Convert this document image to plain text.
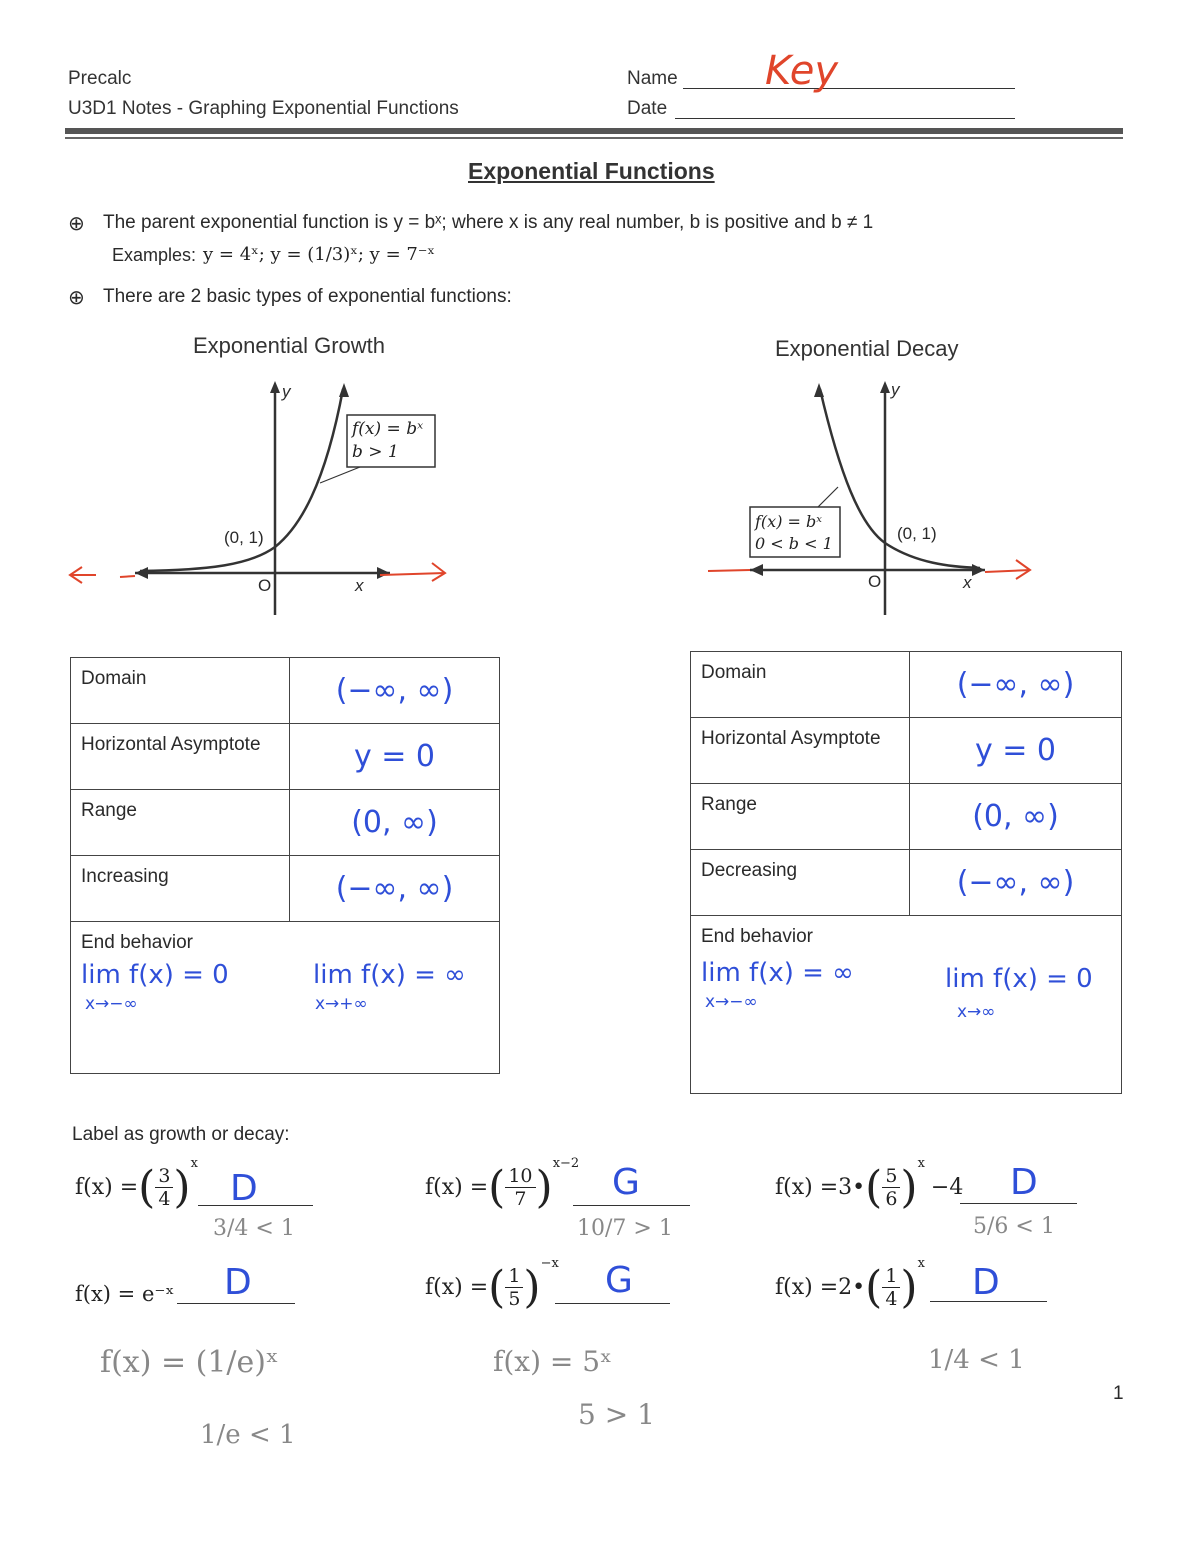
Precalc
U3D1 Notes - Graphing Exponential Functions
Name Key
Date
Exponential Functions
⊕ The parent exponential function is y = bˣ; where x is any real number, b is positive and b ≠ 1
Examples: y = 4ˣ; y = (1/3)ˣ; y = 7⁻ˣ
⊕ There are 2 basic types of exponential functions:
Exponential Growth	Exponential Decay
y
x
O
(0, 1)
f(x) = bˣ
b > 1
y
x
O
(0, 1)
f(x) = bˣ
0 < b < 1
Domain	(−∞, ∞)
Horizontal Asymptote	y = 0
Range	(0, ∞)
Increasing	(−∞, ∞)

End behavior
lim f(x) = 0
x→−∞
lim f(x) = ∞
x→+∞	
Domain	(−∞, ∞)
Horizontal Asymptote	y = 0
Range	(0, ∞)
Decreasing	(−∞, ∞)

End behavior
lim f(x) = ∞
x→−∞
lim f(x) = 0
x→∞	
Label as growth or decay:
f(x) =( $\frac{3}{4} )^x$
D
3/4 < 1
f(x) =( $\frac{10}{7} )^{x-2}$ G
10/7 > 1
f(x) =3•( $\frac{5}{6} )^x-4$ D
5/6 < 1
f(x) = e⁻ˣ D
f(x) = (1/e)ˣ
1/e < 1
f(x) =( $\frac{1}{5} )^{-x}$ G
f(x) = 5ˣ
5 > 1
f(x) =2•( $\frac{1}{4} )^x$ D
1/4 < 1
1
